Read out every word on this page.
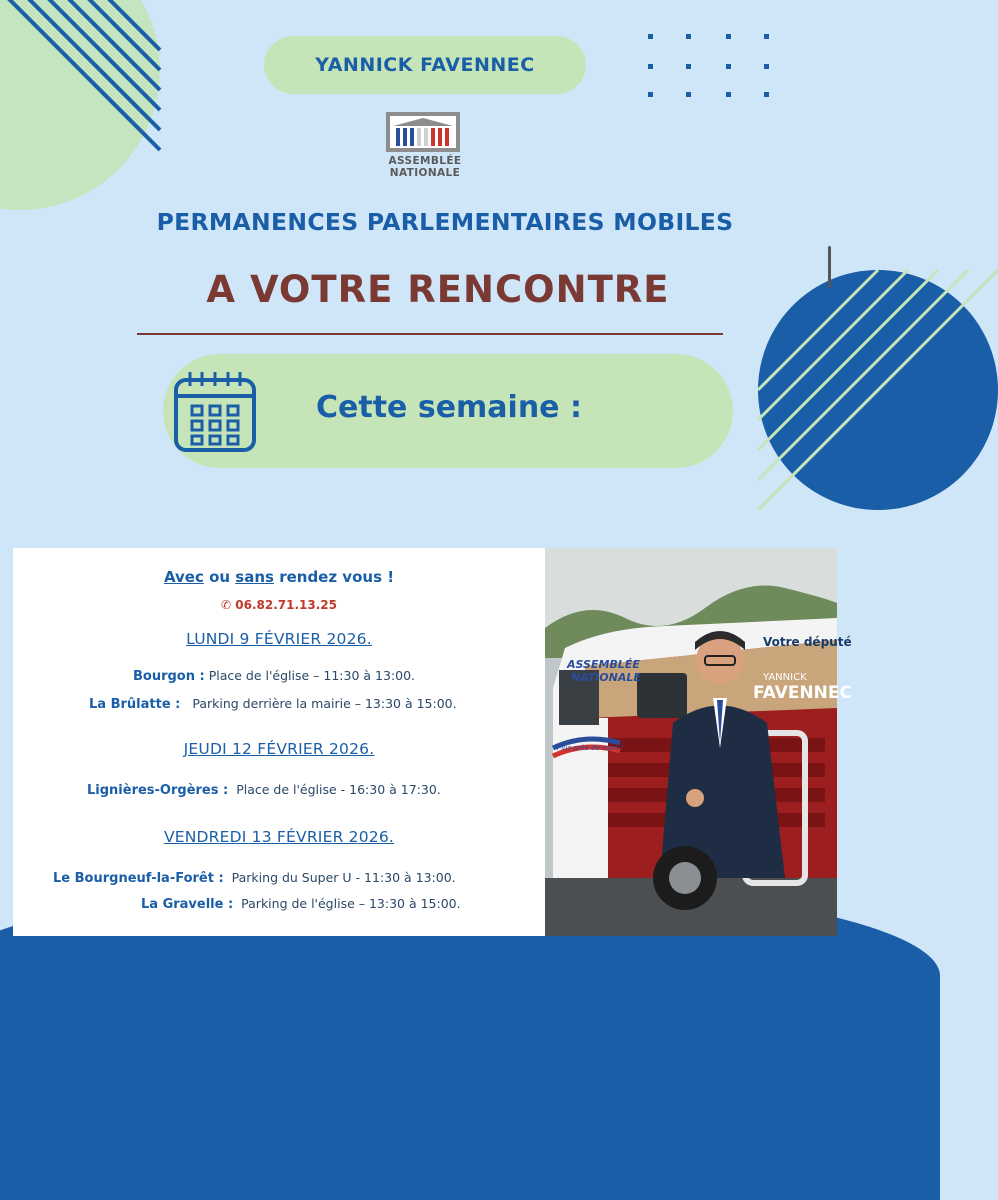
YANNICK FAVENNEC
ASSEMBLÉE
NATIONALE
PERMANENCES PARLEMENTAIRES MOBILES
A VOTRE RENCONTRE
Cette semaine :
Avec ou sans rendez vous !
✆ 06.82.71.13.25
LUNDI 9 FÉVRIER 2026.
Bourgon : Place de l'église – 11:30 à 13:00.
La Brûlatte : Parking derrière la mairie – 13:30 à 15:00.
JEUDI 12 FÉVRIER 2026.
Lignières-Orgères : Place de l'église - 16:30 à 17:30.
VENDREDI 13 FÉVRIER 2026.
Le Bourgneuf-la-Forêt : Parking du Super U - 11:30 à 13:00.
La Gravelle : Parking de l'église – 13:30 à 15:00.
ASSEMBLÉE
NATIONALE
Votre député
YANNICK
FAVENNEC
Plus près de vous !
